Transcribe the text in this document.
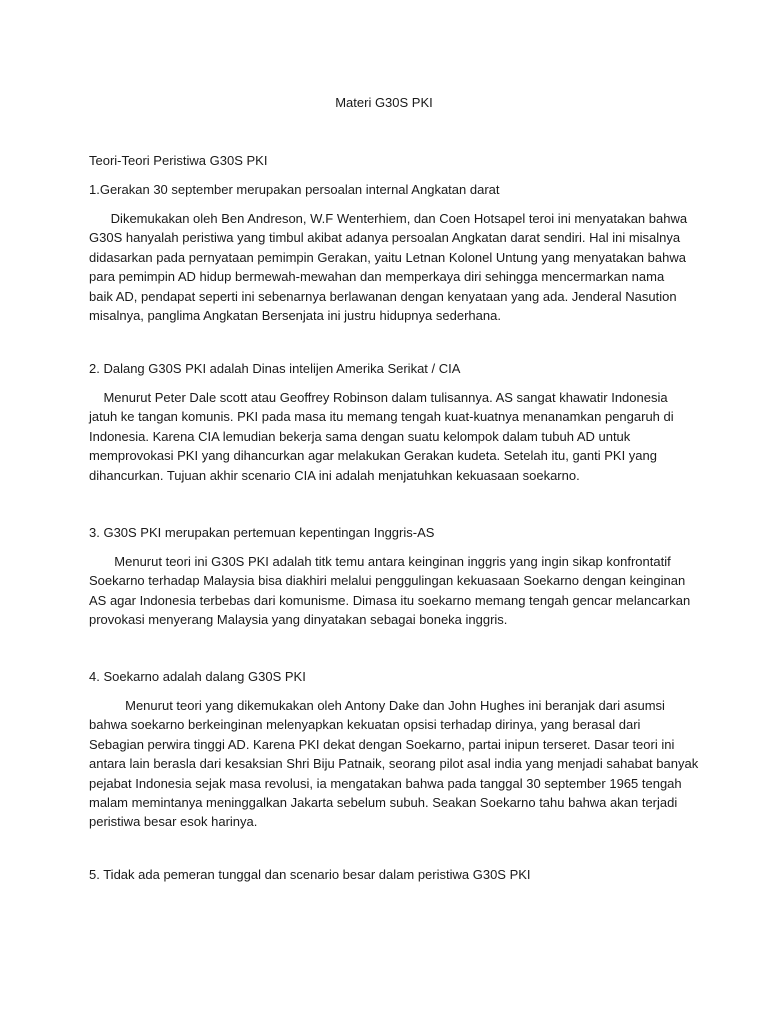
Materi G30S PKI
Teori-Teori Peristiwa G30S PKI
1.Gerakan 30 september merupakan persoalan internal Angkatan darat
Dikemukakan oleh Ben Andreson, W.F Wenterhiem, dan Coen Hotsapel teroi ini menyatakan bahwa
G30S hanyalah peristiwa yang timbul akibat adanya persoalan Angkatan darat sendiri. Hal ini misalnya
didasarkan pada pernyataan pemimpin Gerakan, yaitu Letnan Kolonel Untung yang menyatakan bahwa
para pemimpin AD hidup bermewah-mewahan dan memperkaya diri sehingga mencermarkan nama
baik AD, pendapat seperti ini sebenarnya berlawanan dengan kenyataan yang ada. Jenderal Nasution
misalnya, panglima Angkatan Bersenjata ini justru hidupnya sederhana.
2. Dalang G30S PKI adalah Dinas intelijen Amerika Serikat / CIA
Menurut Peter Dale scott atau Geoffrey Robinson dalam tulisannya. AS sangat khawatir Indonesia
jatuh ke tangan komunis. PKI pada masa itu memang tengah kuat-kuatnya menanamkan pengaruh di
Indonesia. Karena CIA lemudian bekerja sama dengan suatu kelompok dalam tubuh AD untuk
memprovokasi PKI yang dihancurkan agar melakukan Gerakan kudeta. Setelah itu, ganti PKI yang
dihancurkan. Tujuan akhir scenario CIA ini adalah menjatuhkan kekuasaan soekarno.
3. G30S PKI merupakan pertemuan kepentingan Inggris-AS
Menurut teori ini G30S PKI adalah titk temu antara keinginan inggris yang ingin sikap konfrontatif
Soekarno terhadap Malaysia bisa diakhiri melalui penggulingan kekuasaan Soekarno dengan keinginan
AS agar Indonesia terbebas dari komunisme. Dimasa itu soekarno memang tengah gencar melancarkan
provokasi menyerang Malaysia yang dinyatakan sebagai boneka inggris.
4. Soekarno adalah dalang G30S PKI
Menurut teori yang dikemukakan oleh Antony Dake dan John Hughes ini beranjak dari asumsi
bahwa soekarno berkeinginan melenyapkan kekuatan opsisi terhadap dirinya, yang berasal dari
Sebagian perwira tinggi AD. Karena PKI dekat dengan Soekarno, partai inipun terseret. Dasar teori ini
antara lain berasla dari kesaksian Shri Biju Patnaik, seorang pilot asal india yang menjadi sahabat banyak
pejabat Indonesia sejak masa revolusi, ia mengatakan bahwa pada tanggal 30 september 1965 tengah
malam memintanya meninggalkan Jakarta sebelum subuh. Seakan Soekarno tahu bahwa akan terjadi
peristiwa besar esok harinya.
5. Tidak ada pemeran tunggal dan scenario besar dalam peristiwa G30S PKI
